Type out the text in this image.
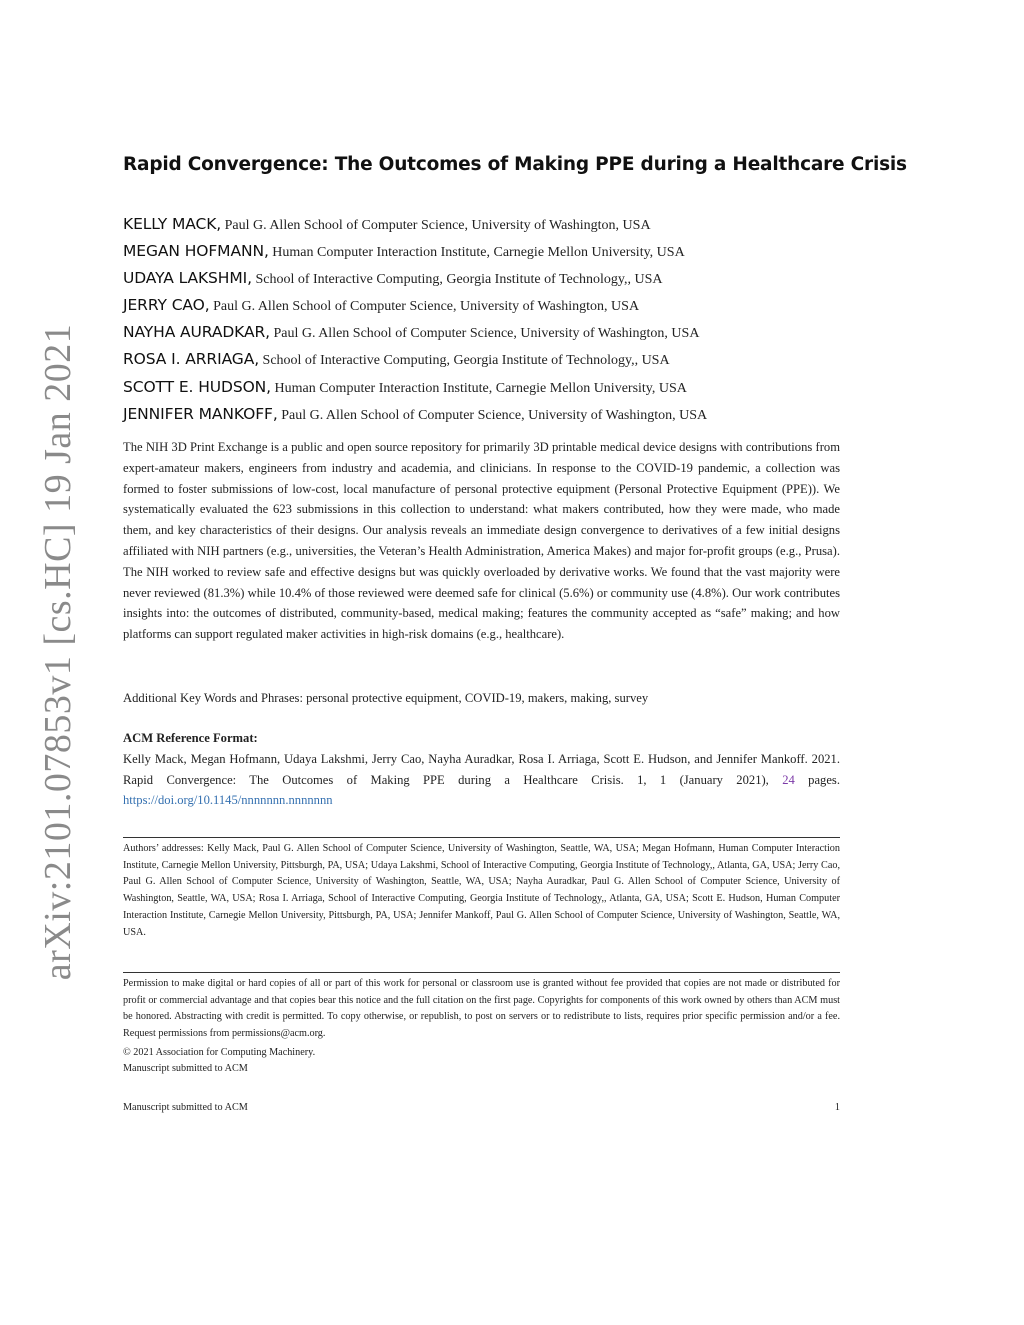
arXiv:2101.07853v1 [cs.HC] 19 Jan 2021
Rapid Convergence: The Outcomes of Making PPE during a Healthcare Crisis
KELLY MACK, Paul G. Allen School of Computer Science, University of Washington, USA
MEGAN HOFMANN, Human Computer Interaction Institute, Carnegie Mellon University, USA
UDAYA LAKSHMI, School of Interactive Computing, Georgia Institute of Technology,, USA
JERRY CAO, Paul G. Allen School of Computer Science, University of Washington, USA
NAYHA AURADKAR, Paul G. Allen School of Computer Science, University of Washington, USA
ROSA I. ARRIAGA, School of Interactive Computing, Georgia Institute of Technology,, USA
SCOTT E. HUDSON, Human Computer Interaction Institute, Carnegie Mellon University, USA
JENNIFER MANKOFF, Paul G. Allen School of Computer Science, University of Washington, USA

The NIH 3D Print Exchange is a public and open source repository for primarily 3D printable medical device designs with contributions from expert-amateur makers, engineers from industry and academia, and clinicians. In response to the COVID-19 pandemic, a collection was formed to foster submissions of low-cost, local manufacture of personal protective equipment (Personal Protective Equipment (PPE)). We systematically evaluated the 623 submissions in this collection to understand: what makers contributed, how they were made, who made them, and key characteristics of their designs. Our analysis reveals an immediate design convergence to derivatives of a few initial designs affiliated with NIH partners (e.g., universities, the Veteran’s Health Administration, America Makes) and major for-profit groups (e.g., Prusa). The NIH worked to review safe and effective designs but was quickly overloaded by derivative works. We found that the vast majority were never reviewed (81.3%) while 10.4% of those reviewed were deemed safe for clinical (5.6%) or community use (4.8%). Our work contributes insights into: the outcomes of distributed, community-based, medical making; features the community accepted as “safe” making; and how platforms can support regulated maker activities in high-risk domains (e.g., healthcare).

Additional Key Words and Phrases: personal protective equipment, COVID-19, makers, making, survey

ACM Reference Format:

Kelly Mack, Megan Hofmann, Udaya Lakshmi, Jerry Cao, Nayha Auradkar, Rosa I. Arriaga, Scott E. Hudson, and Jennifer Mankoff. 2021. Rapid Convergence: The Outcomes of Making PPE during a Healthcare Crisis. 1, 1 (January 2021), 24 pages. https://doi.org/10.1145/nnnnnnn.nnnnnnn

Authors’ addresses: Kelly Mack, Paul G. Allen School of Computer Science, University of Washington, Seattle, WA, USA; Megan Hofmann, Human Computer Interaction Institute, Carnegie Mellon University, Pittsburgh, PA, USA; Udaya Lakshmi, School of Interactive Computing, Georgia Institute of Technology,, Atlanta, GA, USA; Jerry Cao, Paul G. Allen School of Computer Science, University of Washington, Seattle, WA, USA; Nayha Auradkar, Paul G. Allen School of Computer Science, University of Washington, Seattle, WA, USA; Rosa I. Arriaga, School of Interactive Computing, Georgia Institute of Technology,, Atlanta, GA, USA; Scott E. Hudson, Human Computer Interaction Institute, Carnegie Mellon University, Pittsburgh, PA, USA; Jennifer Mankoff, Paul G. Allen School of Computer Science, University of Washington, Seattle, WA, USA.

Permission to make digital or hard copies of all or part of this work for personal or classroom use is granted without fee provided that copies are not made or distributed for profit or commercial advantage and that copies bear this notice and the full citation on the first page. Copyrights for components of this work owned by others than ACM must be honored. Abstracting with credit is permitted. To copy otherwise, or republish, to post on servers or to redistribute to lists, requires prior specific permission and/or a fee. Request permissions from permissions@acm.org.

© 2021 Association for Computing Machinery.

Manuscript submitted to ACM

Manuscript submitted to ACM	1
